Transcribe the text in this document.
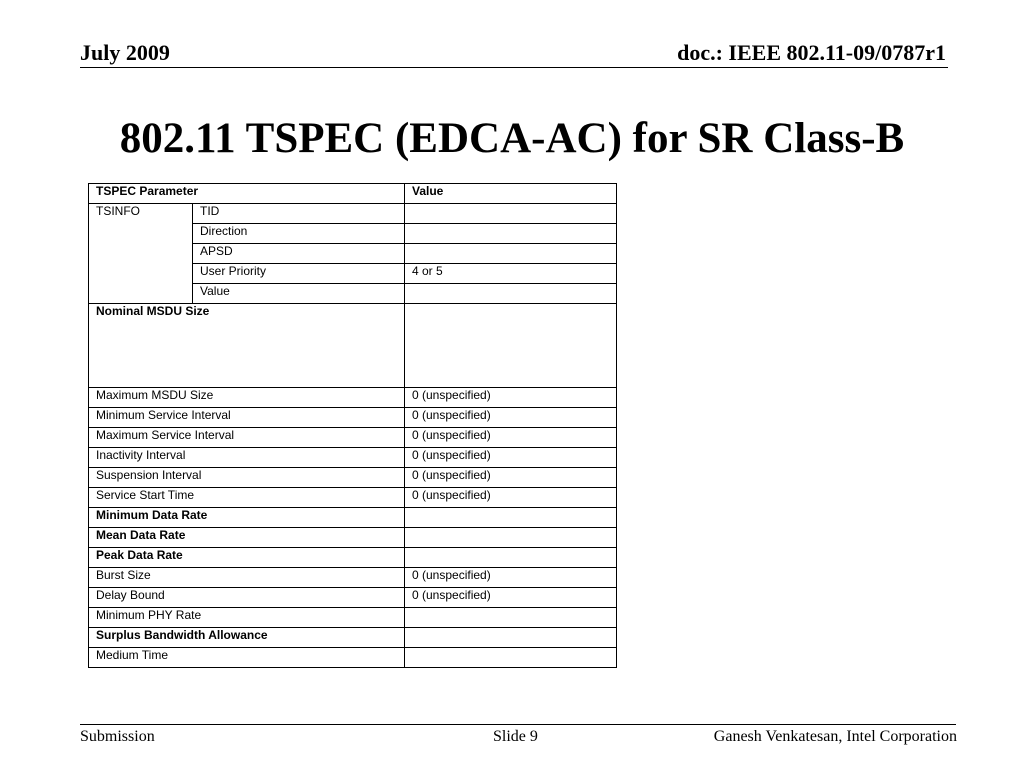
July 2009	doc.: IEEE 802.11-09/0787r1
802.11 TSPEC (EDCA-AC) for SR Class-B
TSPEC Parameter		Value
TSINFO	TID	
	Direction	
	APSD	
	User Priority	4 or 5
	Value	
Nominal MSDU Size		
Maximum MSDU Size		0 (unspecified)
Minimum Service Interval		0 (unspecified)
Maximum Service Interval		0 (unspecified)
Inactivity Interval		0 (unspecified)
Suspension Interval		0 (unspecified)
Service Start Time		0 (unspecified)
Minimum Data Rate		
Mean Data Rate		
Peak Data Rate		
Burst Size		0 (unspecified)
Delay Bound		0 (unspecified)
Minimum PHY Rate		
Surplus Bandwidth Allowance		
Medium Time		
Submission	Slide 9	Ganesh Venkatesan, Intel Corporation
